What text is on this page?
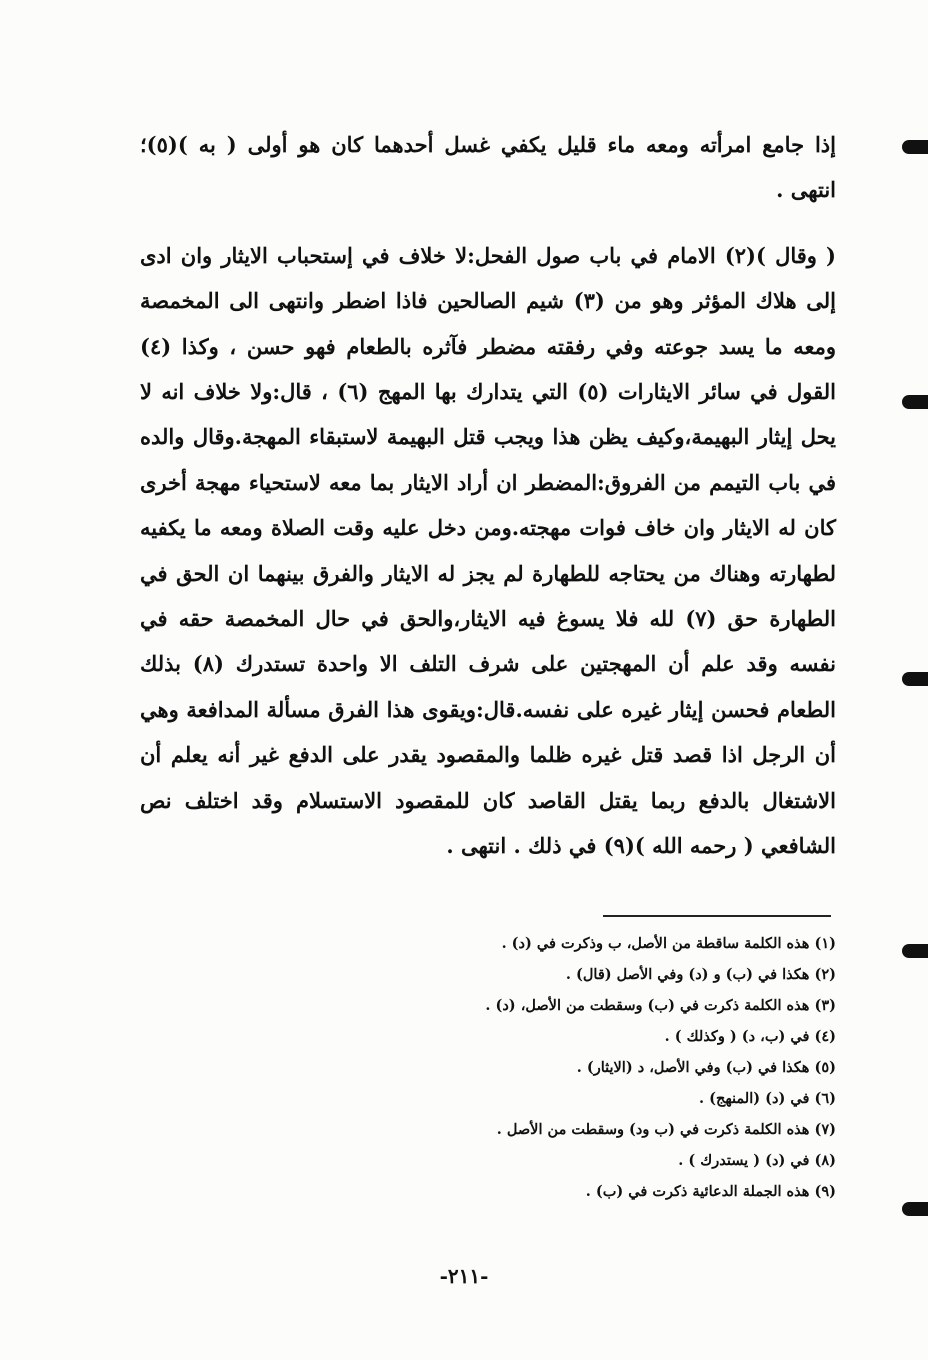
إذا جامع امرأته ومعه ماء قليل يكفي غسل أحدهما كان هو أولى ( به )(٥)؛ انتهى .

( وقال )(٢) الامام في باب صول الفحل:لا خلاف في إستحباب الايثار وان ادى إلى هلاك المؤثر وهو من (٣) شيم الصالحين فاذا اضطر وانتهى الى المخمصة ومعه ما يسد جوعته وفي رفقته مضطر فآثره بالطعام فهو حسن ، وكذا (٤) القول في سائر الايثارات (٥) التي يتدارك بها المهج (٦) ، قال:ولا خلاف انه لا يحل إيثار البهيمة،وكيف يظن هذا ويجب قتل البهيمة لاستبقاء المهجة.وقال والده في باب التيمم من الفروق:المضطر ان أراد الايثار بما معه لاستحياء مهجة أخرى كان له الايثار وان خاف فوات مهجته.ومن دخل عليه وقت الصلاة ومعه ما يكفيه لطهارته وهناك من يحتاجه للطهارة لم يجز له الايثار والفرق بينهما ان الحق في الطهارة حق (٧) لله فلا يسوغ فيه الايثار،والحق في حال المخمصة حقه في نفسه وقد علم أن المهجتين على شرف التلف الا واحدة تستدرك (٨) بذلك الطعام فحسن إيثار غيره على نفسه.قال:ويقوى هذا الفرق مسألة المدافعة وهي أن الرجل اذا قصد قتل غيره ظلما والمقصود يقدر على الدفع غير أنه يعلم أن الاشتغال بالدفع ربما يقتل القاصد كان للمقصود الاستسلام وقد اختلف نص الشافعي ( رحمه الله )(٩) في ذلك . انتهى .

(١) هذه الكلمة ساقطة من الأصل، ب وذكرت في (د) .
(٢) هكذا في (ب) و (د) وفي الأصل (قال) .
(٣) هذه الكلمة ذكرت في (ب) وسقطت من الأصل، (د) .
(٤) في (ب، د) ( وكذلك ) .
(٥) هكذا في (ب) وفي الأصل، د (الايثار) .
(٦) في (د) (المنهج) .
(٧) هذه الكلمة ذكرت في (ب ود) وسقطت من الأصل .
(٨) في (د) ( يستدرك ) .
(٩) هذه الجملة الدعائية ذكرت في (ب) .
-٢١١-
